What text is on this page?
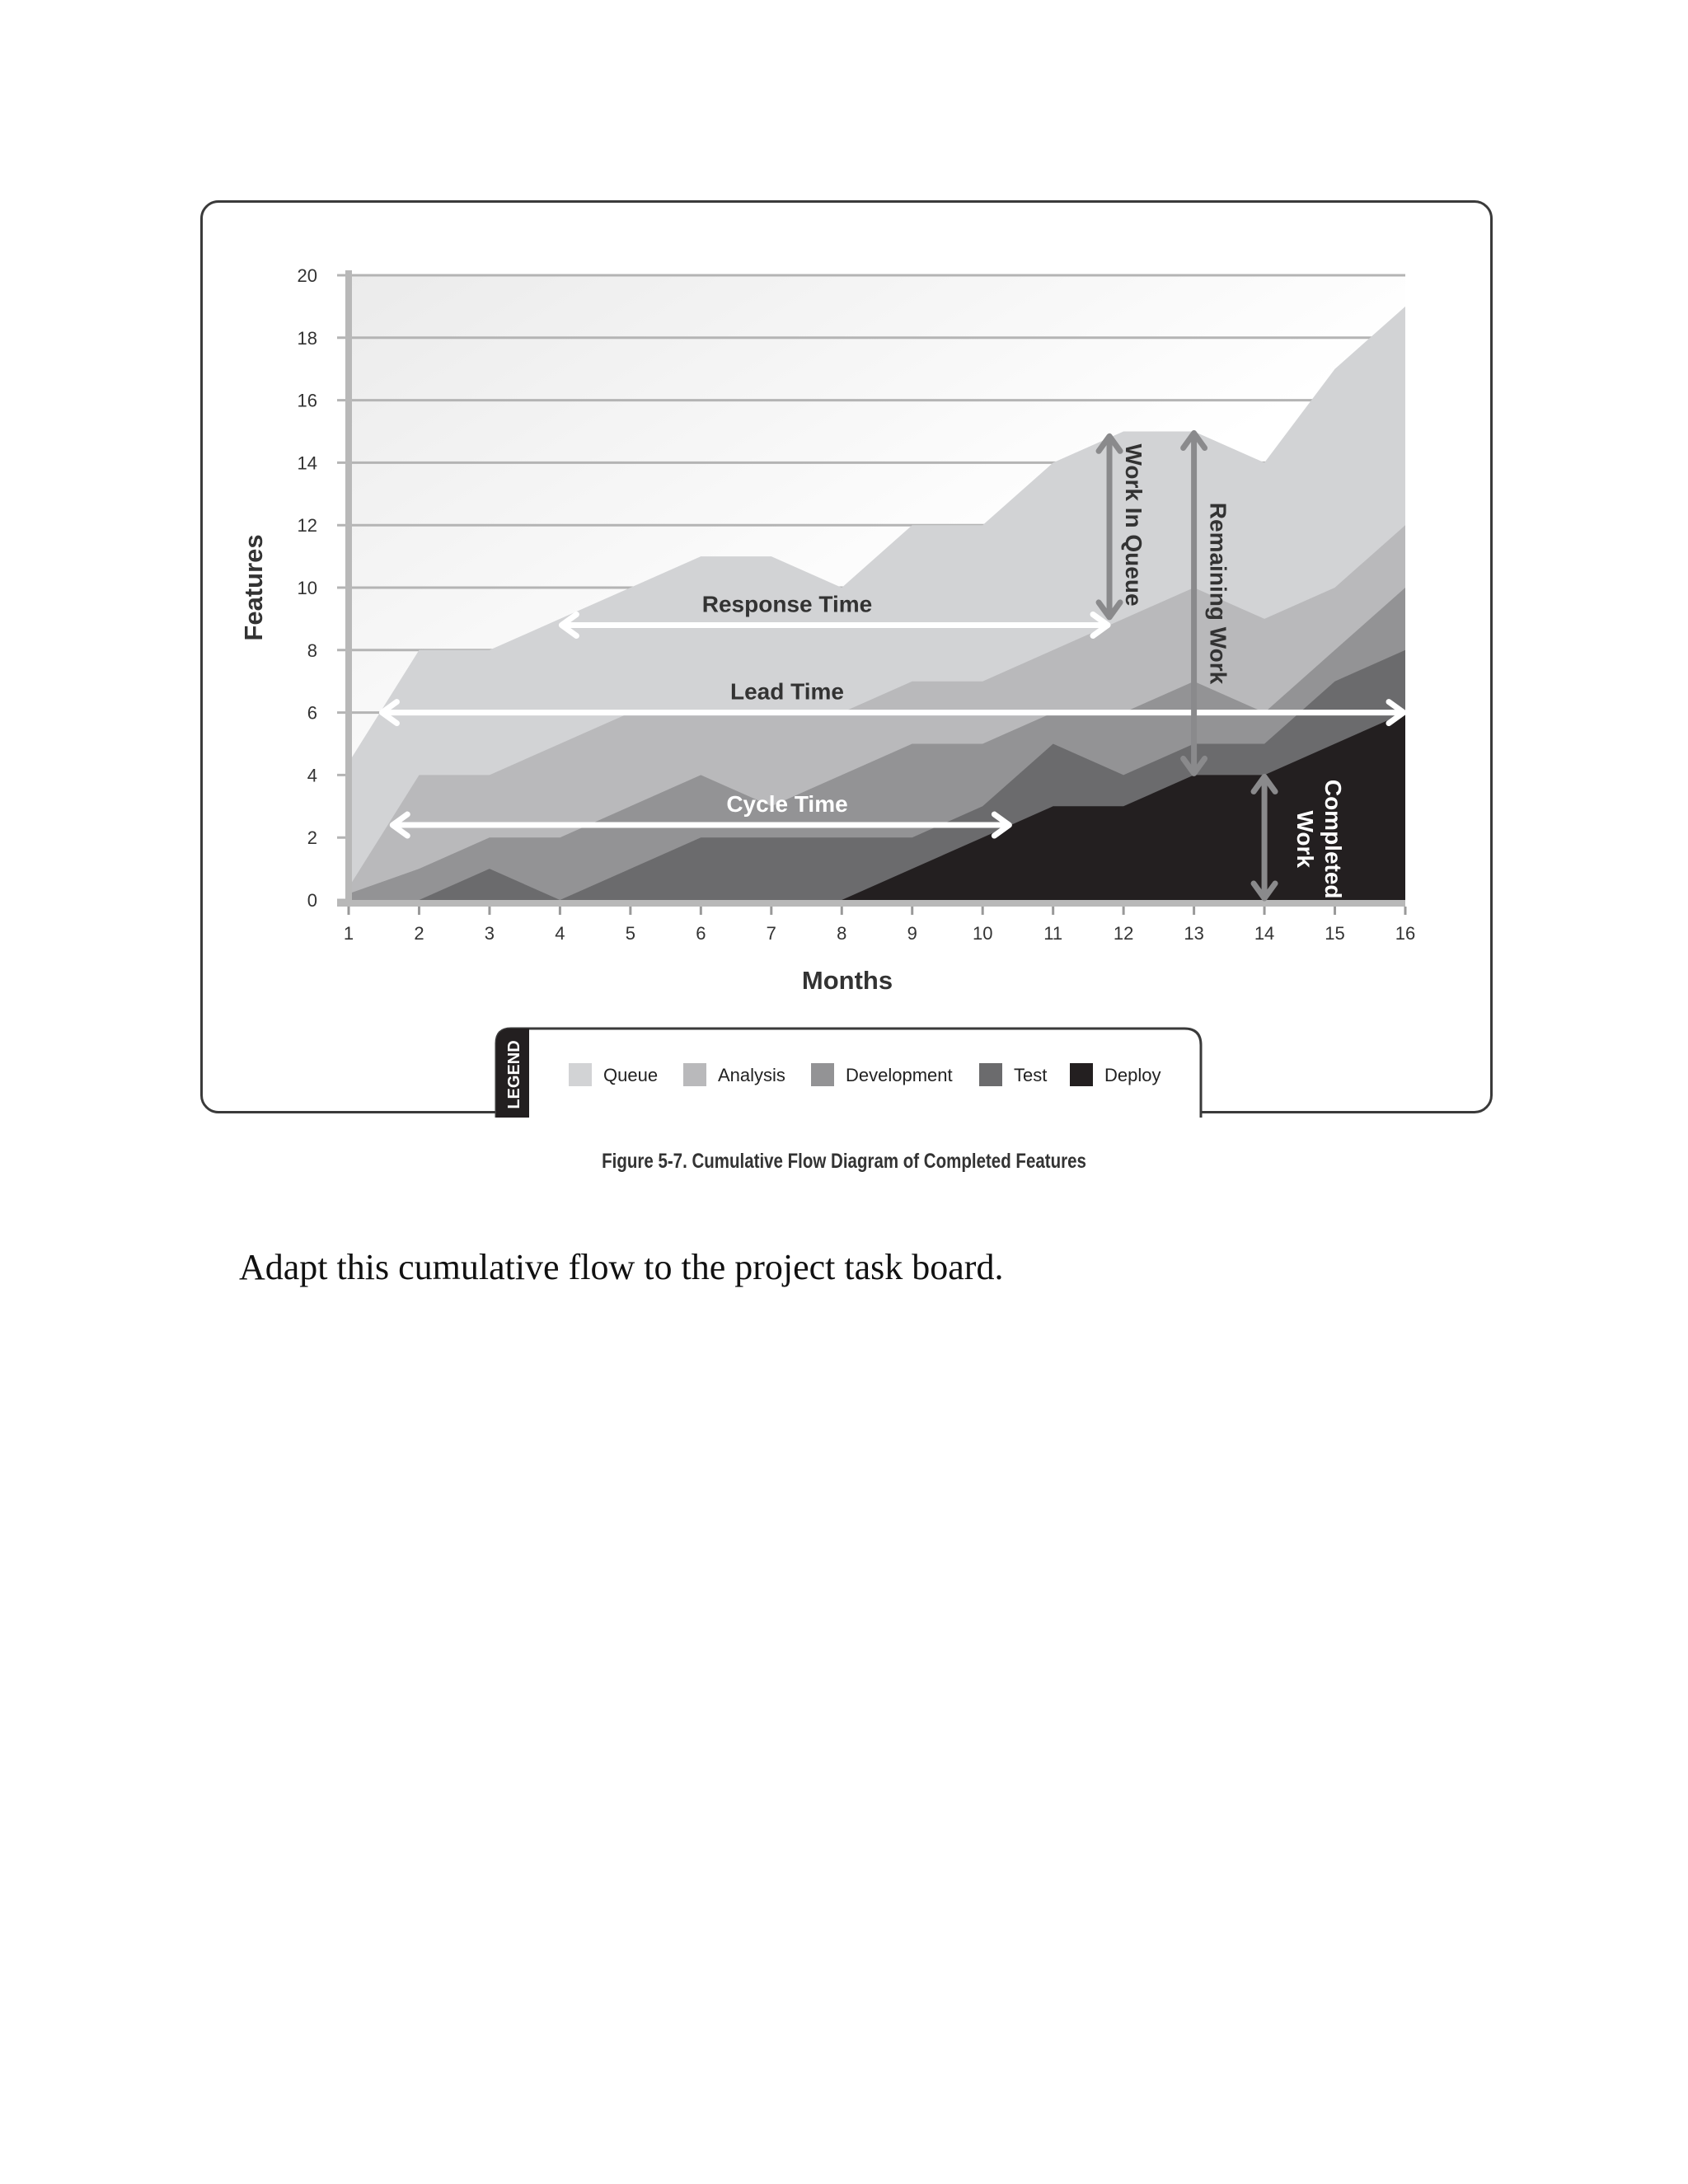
0
2
4
6
8
10
12
14
16
18
20
1	2	3	4	5	6	7	8	9	10	11	12	13	14	15	16
Months
Features	Response Time
Lead Time
Cycle Time
Work In Queue	Remaining Work
Completed
Work
LEGEND	Queue	Analysis	Development	Test	Deploy
Figure 5-7. Cumulative Flow Diagram of Completed Features
Adapt this cumulative flow to the project task board.
